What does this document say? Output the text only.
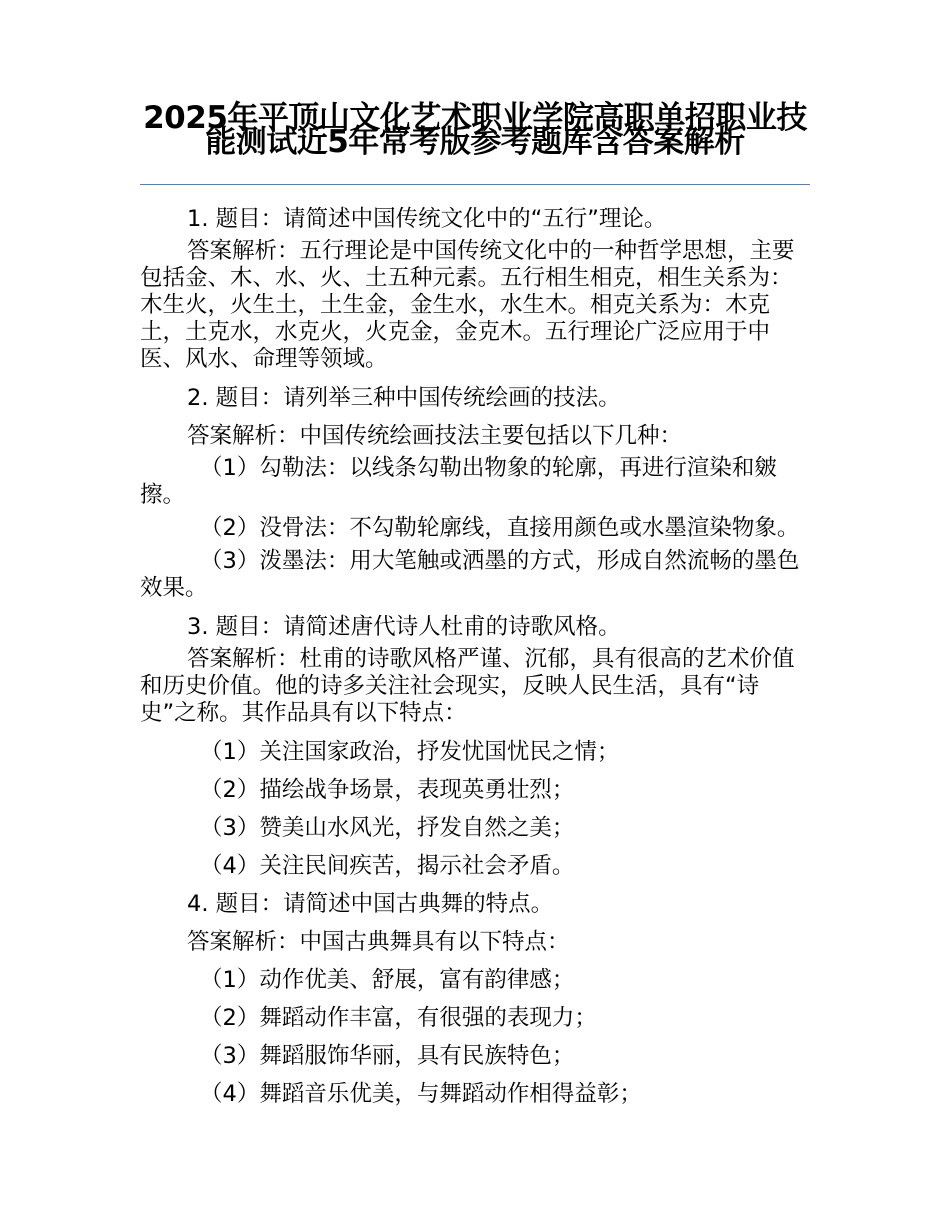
2025年平顶山文化艺术职业学院高职单招职业技能测试近5年常考版参考题库含答案解析

1. 题目：请简述中国传统文化中的“五行”理论。

答案解析：五行理论是中国传统文化中的一种哲学思想，主要包括金、木、水、火、土五种元素。五行相生相克，相生关系为：木生火，火生土，土生金，金生水，水生木。相克关系为：木克土，土克水，水克火，火克金，金克木。五行理论广泛应用于中医、风水、命理等领域。

2. 题目：请列举三种中国传统绘画的技法。

答案解析：中国传统绘画技法主要包括以下几种：

（1）勾勒法：以线条勾勒出物象的轮廓，再进行渲染和皴擦。

（2）没骨法：不勾勒轮廓线，直接用颜色或水墨渲染物象。

（3）泼墨法：用大笔触或洒墨的方式，形成自然流畅的墨色效果。

3. 题目：请简述唐代诗人杜甫的诗歌风格。

答案解析：杜甫的诗歌风格严谨、沉郁，具有很高的艺术价值和历史价值。他的诗多关注社会现实，反映人民生活，具有“诗史”之称。其作品具有以下特点：

（1）关注国家政治，抒发忧国忧民之情；

（2）描绘战争场景，表现英勇壮烈；

（3）赞美山水风光，抒发自然之美；

（4）关注民间疾苦，揭示社会矛盾。

4. 题目：请简述中国古典舞的特点。

答案解析：中国古典舞具有以下特点：

（1）动作优美、舒展，富有韵律感；

（2）舞蹈动作丰富，有很强的表现力；

（3）舞蹈服饰华丽，具有民族特色；

（4）舞蹈音乐优美，与舞蹈动作相得益彰；
